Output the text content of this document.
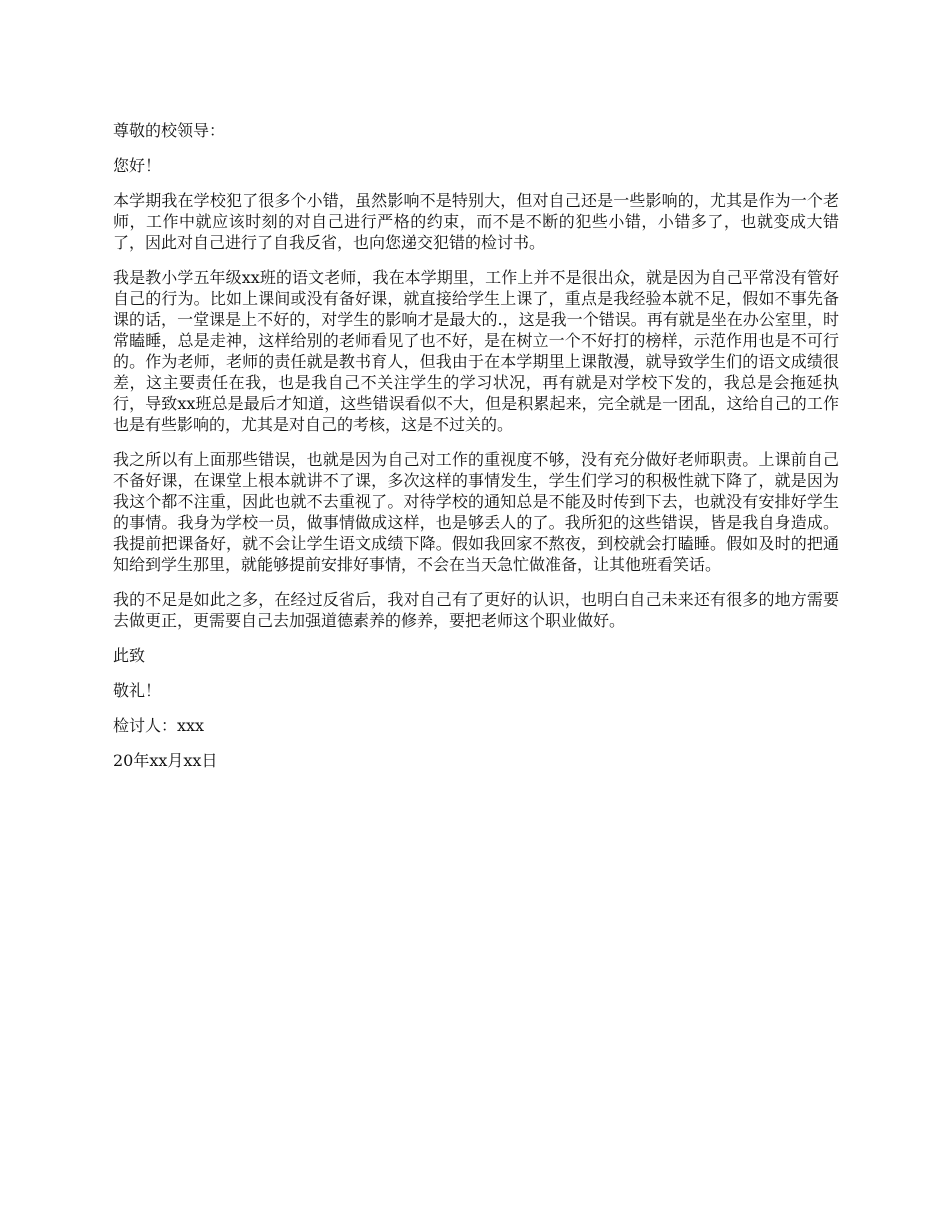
尊敬的校领导：

您好！

本学期我在学校犯了很多个小错，虽然影响不是特别大，但对自己还是一些影响的，尤其是作为一个老师，工作中就应该时刻的对自己进行严格的约束，而不是不断的犯些小错，小错多了，也就变成大错了，因此对自己进行了自我反省，也向您递交犯错的检讨书。

我是教小学五年级xx班的语文老师，我在本学期里，工作上并不是很出众，就是因为自己平常没有管好自己的行为。比如上课间或没有备好课，就直接给学生上课了，重点是我经验本就不足，假如不事先备课的话，一堂课是上不好的，对学生的影响才是最大的.，这是我一个错误。再有就是坐在办公室里，时常瞌睡，总是走神，这样给别的老师看见了也不好，是在树立一个不好打的榜样，示范作用也是不可行的。作为老师，老师的责任就是教书育人，但我由于在本学期里上课散漫，就导致学生们的语文成绩很差，这主要责任在我，也是我自己不关注学生的学习状况，再有就是对学校下发的，我总是会拖延执行，导致xx班总是最后才知道，这些错误看似不大，但是积累起来，完全就是一团乱，这给自己的工作也是有些影响的，尤其是对自己的考核，这是不过关的。

我之所以有上面那些错误，也就是因为自己对工作的重视度不够，没有充分做好老师职责。上课前自己不备好课，在课堂上根本就讲不了课，多次这样的事情发生，学生们学习的积极性就下降了，就是因为我这个都不注重，因此也就不去重视了。对待学校的通知总是不能及时传到下去，也就没有安排好学生的事情。我身为学校一员，做事情做成这样，也是够丢人的了。我所犯的这些错误，皆是我自身造成。我提前把课备好，就不会让学生语文成绩下降。假如我回家不熬夜，到校就会打瞌睡。假如及时的把通知给到学生那里，就能够提前安排好事情，不会在当天急忙做准备，让其他班看笑话。

我的不足是如此之多，在经过反省后，我对自己有了更好的认识，也明白自己未来还有很多的地方需要去做更正，更需要自己去加强道德素养的修养，要把老师这个职业做好。

此致

敬礼！

检讨人：xxx

20年xx月xx日
